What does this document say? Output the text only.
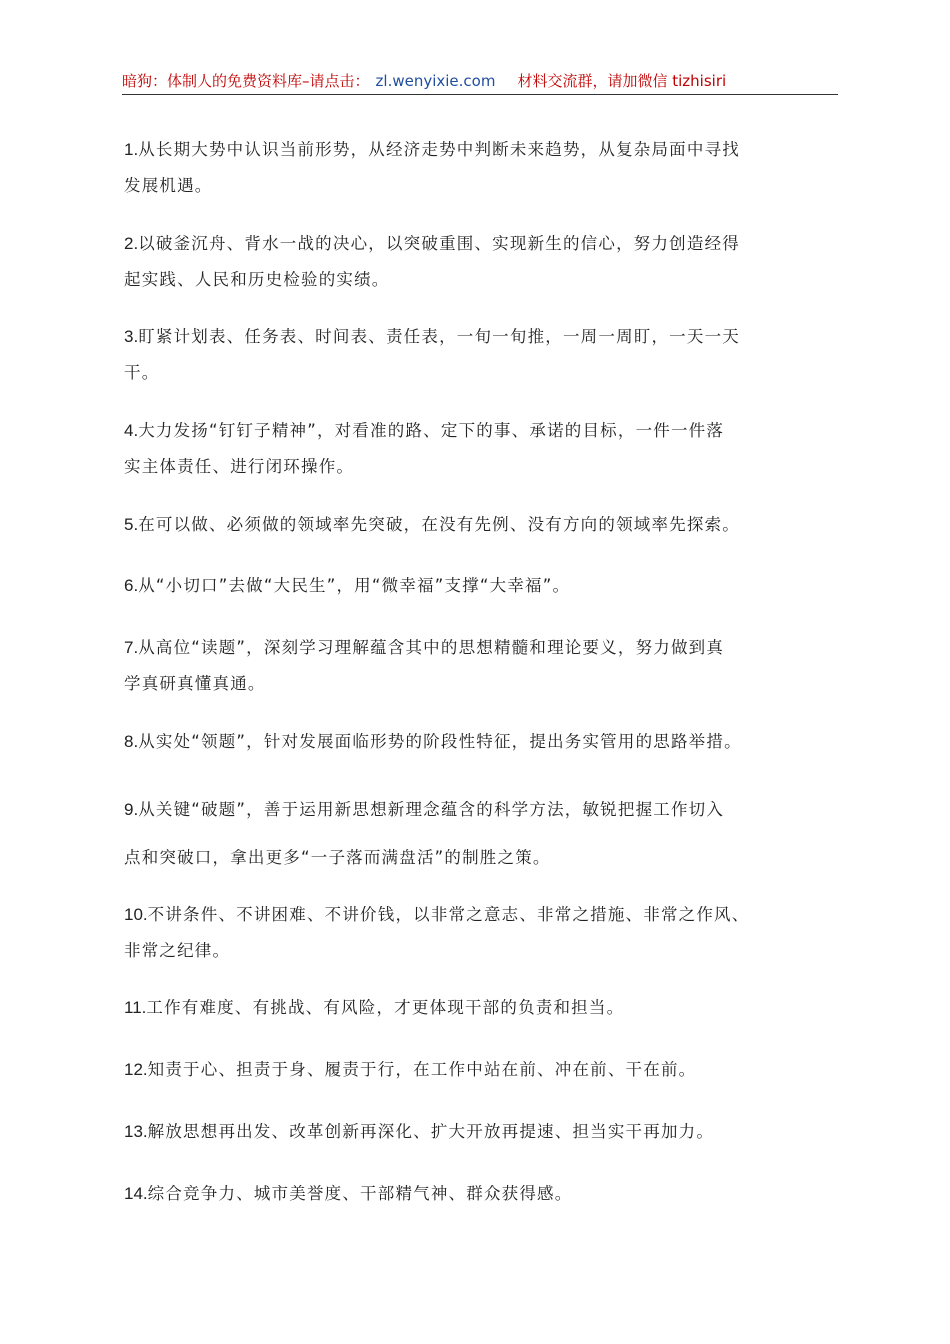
暗狗：体制人的免费资料库–请点击： zl.wenyixie.com 材料交流群，请加微信 tizhisiri
1.从长期大势中认识当前形势，从经济走势中判断未来趋势，从复杂局面中寻找
发展机遇。
2.以破釜沉舟、背水一战的决心，以突破重围、实现新生的信心，努力创造经得
起实践、人民和历史检验的实绩。
3.盯紧计划表、任务表、时间表、责任表，一旬一旬推，一周一周盯，一天一天
干。
4.大力发扬“钉钉子精神”，对看准的路、定下的事、承诺的目标，一件一件落
实主体责任、进行闭环操作。
5.在可以做、必须做的领域率先突破，在没有先例、没有方向的领域率先探索。
6.从“小切口”去做“大民生”，用“微幸福”支撑“大幸福”。
7.从高位“读题”，深刻学习理解蕴含其中的思想精髓和理论要义，努力做到真
学真研真懂真通。
8.从实处“领题”，针对发展面临形势的阶段性特征，提出务实管用的思路举措。
9.从关键“破题”，善于运用新思想新理念蕴含的科学方法，敏锐把握工作切入
点和突破口，拿出更多“一子落而满盘活”的制胜之策。
10.不讲条件、不讲困难、不讲价钱，以非常之意志、非常之措施、非常之作风、
非常之纪律。
11.工作有难度、有挑战、有风险，才更体现干部的负责和担当。
12.知责于心、担责于身、履责于行，在工作中站在前、冲在前、干在前。
13.解放思想再出发、改革创新再深化、扩大开放再提速、担当实干再加力。
14.综合竞争力、城市美誉度、干部精气神、群众获得感。
